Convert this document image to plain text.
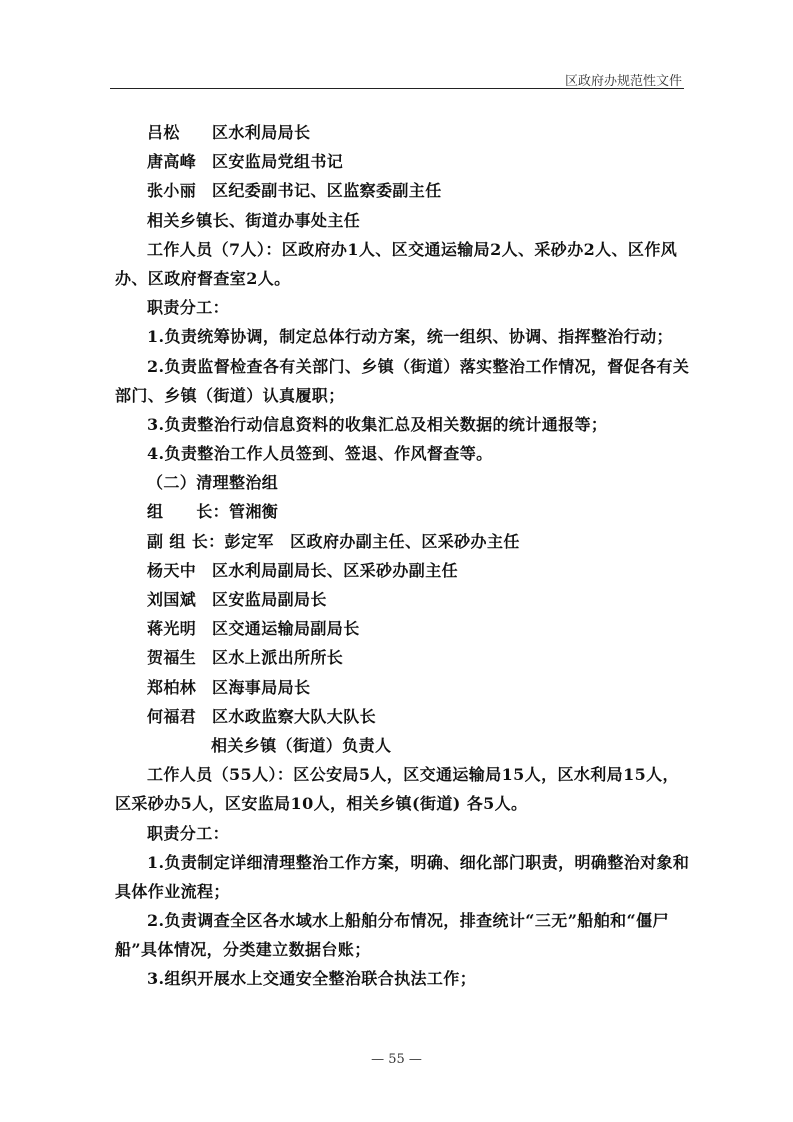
区政府办规范性文件
吕松 区水利局局长
唐高峰 区安监局党组书记
张小丽 区纪委副书记、区监察委副主任
相关乡镇长、街道办事处主任
工作人员（7人）：区政府办1人、区交通运输局2人、采砂办2人、区作风
办、区政府督查室2人。
职责分工：
1.负责统筹协调，制定总体行动方案，统一组织、协调、指挥整治行动；
2.负责监督检查各有关部门、乡镇（街道）落实整治工作情况，督促各有关
部门、乡镇（街道）认真履职；
3.负责整治行动信息资料的收集汇总及相关数据的统计通报等；
4.负责整治工作人员签到、签退、作风督查等。
（二）清理整治组
组　　长：管湘衡
副 组 长：彭定军　区政府办副主任、区采砂办主任
杨天中 区水利局副局长、区采砂办副主任
刘国斌 区安监局副局长
蒋光明 区交通运输局副局长
贺福生 区水上派出所所长
郑柏林 区海事局局长
何福君 区水政监察大队大队长
相关乡镇（街道）负责人
工作人员（55人）：区公安局5人，区交通运输局15人，区水利局15人，
区采砂办5人，区安监局10人，相关乡镇(街道) 各5人。
职责分工：
1.负责制定详细清理整治工作方案，明确、细化部门职责，明确整治对象和
具体作业流程；
2.负责调查全区各水域水上船舶分布情况，排查统计“三无”船舶和“僵尸
船”具体情况，分类建立数据台账；
3.组织开展水上交通安全整治联合执法工作；
— 55 —
